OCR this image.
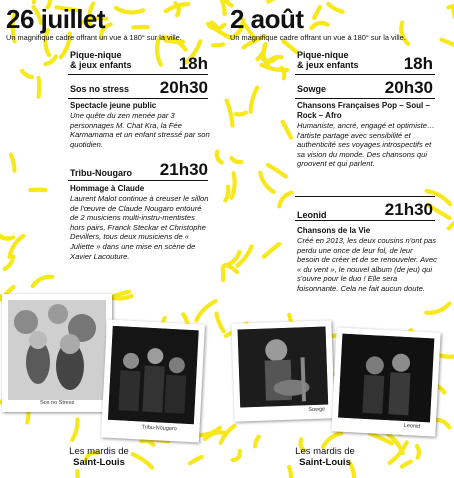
26 juillet
Un magnifique cadre offrant un vue à 180° sur la ville.
Pique-nique
& jeux enfants	18h
Sos no stress	20h30
Spectacle jeune public
Une quête du zen menée par 3 personnages M. Chat Kra, la Fée Karmamama et un enfant stressé par son quotidien.
Tribu-Nougaro	21h30
Hommage à Claude
Laurent Malot continue à creuser le sillon de l'œuvre de Claude Nougaro entouré de 2 musiciens multi-instru-mentistes hors pairs, Franck Steckar et Christophe Devillers, tous deux musiciens de « Juliette » dans une mise en scène de Xavier Lacouture.
2 août
Un magnifique cadre offrant un vue à 180° sur la ville.
Pique-nique
& jeux enfants	18h
Sowge	20h30
Chansons Françaises Pop – Soul – Rock – Afro
Humaniste, ancré, engagé et optimiste… l'artiste partage avec sensibilité et authenticité ses voyages introspectifs et sa vision du monde. Des chansons qui groovent et qui parlent.
Leonid	21h30
Chansons de la Vie
Créé en 2013, les deux cousins n'ont pas perdu une once de leur fol, de leur besoin de créer et de se renouveler. Avec « du vent », le nouvel album (de jeu) qui s'ouvre pour le duo ! Elle sera foisonnante. Cela ne fait aucun doute.
Sos no Stress
Tribu-Nougaro
Sowge
Leonid
Les mardis de
Saint-Louis
Les mardis de
Saint-Louis
